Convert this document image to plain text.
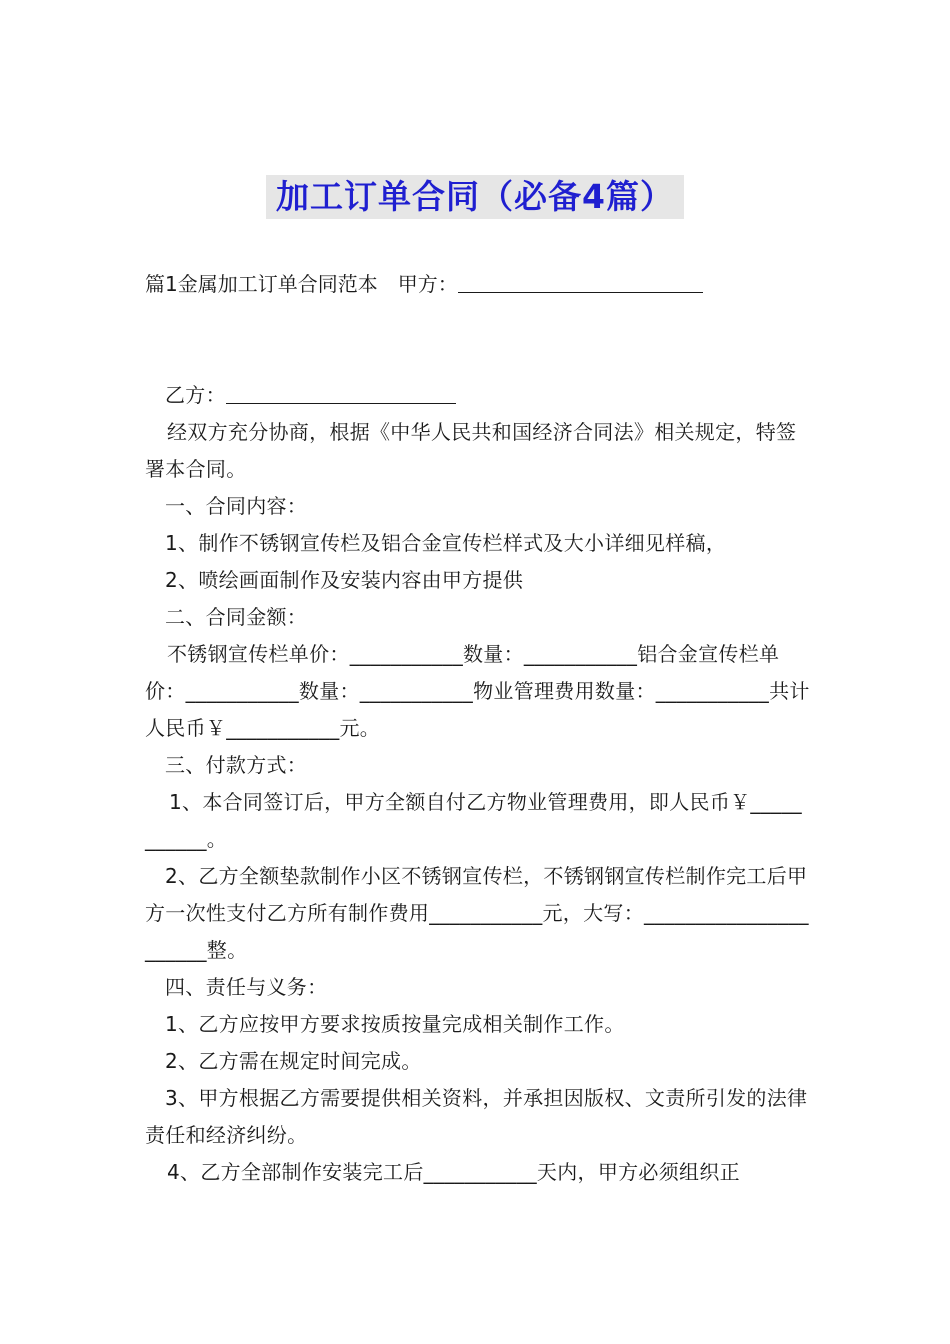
加工订单合同（必备4篇）
篇1金属加工订单合同范本　甲方：

乙方：

经双方充分协商，根据《中华人民共和国经济合同法》相关规定，特签署本合同。

一、合同内容：

1、制作不锈钢宣传栏及铝合金宣传栏样式及大小详细见样稿，

2、喷绘画面制作及安装内容由甲方提供

二、合同金额：

不锈钢宣传栏单价：___________数量：___________铝合金宣传栏单价：___________数量：___________物业管理费用数量：___________共计人民币￥___________元。

三、付款方式：

1、本合同签订后，甲方全额自付乙方物业管理费用，即人民币￥___________。

2、乙方全额垫款制作小区不锈钢宣传栏，不锈钢钢宣传栏制作完工后甲方一次性支付乙方所有制作费用___________元，大写：______________________整。

四、责任与义务：

1、乙方应按甲方要求按质按量完成相关制作工作。

2、乙方需在规定时间完成。

3、甲方根据乙方需要提供相关资料，并承担因版权、文责所引发的法律责任和经济纠纷。

4、乙方全部制作安装完工后___________天内，甲方必须组织正
